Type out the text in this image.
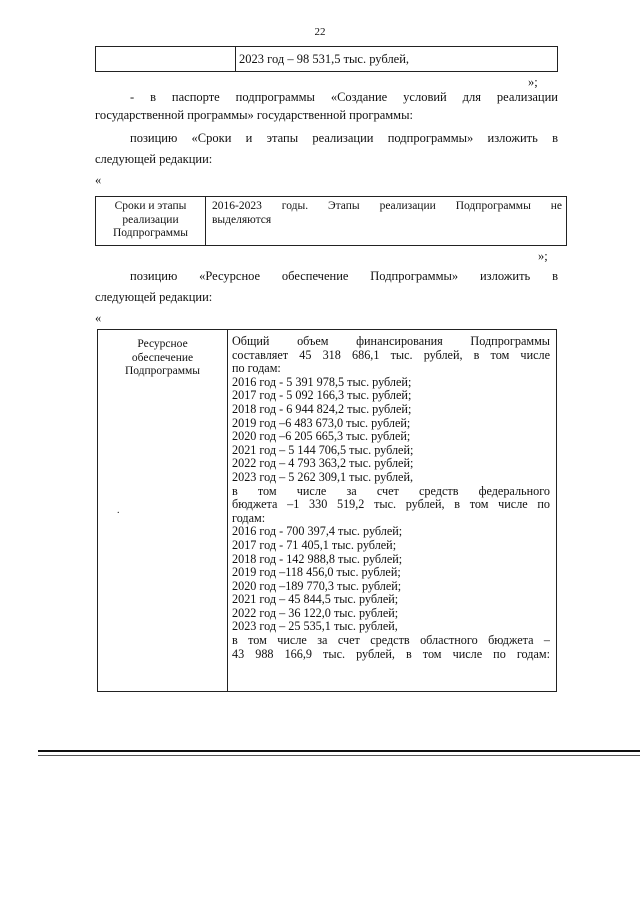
22
2023 год – 98 531,5 тыс. рублей,
»;
- в паспорте подпрограммы «Создание условий для реализации
государственной программы» государственной программы:
позицию «Сроки и этапы реализации подпрограммы» изложить в
следующей редакции:
«
Сроки и этапы
реализации
Подпрограммы
2016-2023 годы. Этапы реализации Подпрограммы не
выделяются
»;
позицию «Ресурсное обеспечение Подпрограммы» изложить в
следующей редакции:
«
Ресурсное
обеспечение
Подпрограммы
Общий объем финансирования Подпрограммы
составляет 45 318 686,1 тыс. рублей, в том числе
по годам:
2016 год - 5 391 978,5 тыс. рублей;
2017 год - 5 092 166,3 тыс. рублей;
2018 год - 6 944 824,2 тыс. рублей;
2019 год –6 483 673,0 тыс. рублей;
2020 год –6 205 665,3 тыс. рублей;
2021 год – 5 144 706,5 тыс. рублей;
2022 год – 4 793 363,2 тыс. рублей;
2023 год – 5 262 309,1 тыс. рублей,
в том числе за счет средств федерального
бюджета –1 330 519,2 тыс. рублей, в том числе по
годам:
2016 год - 700 397,4 тыс. рублей;
2017 год - 71 405,1 тыс. рублей;
2018 год - 142 988,8 тыс. рублей;
2019 год –118 456,0 тыс. рублей;
2020 год –189 770,3 тыс. рублей;
2021 год – 45 844,5 тыс. рублей;
2022 год – 36 122,0 тыс. рублей;
2023 год – 25 535,1 тыс. рублей,
в том числе за счет средств областного бюджета –
43 988 166,9 тыс. рублей, в том числе по годам:
.
